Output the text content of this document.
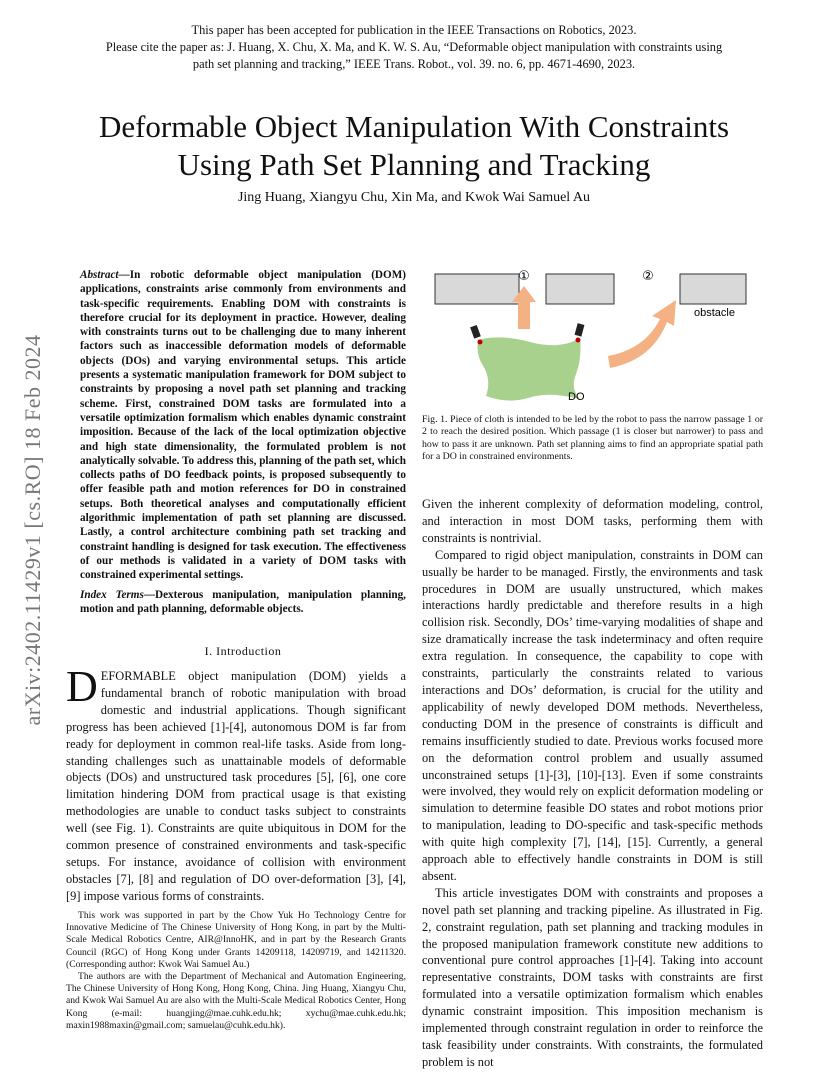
This paper has been accepted for publication in the IEEE Transactions on Robotics, 2023.
Please cite the paper as: J. Huang, X. Chu, X. Ma, and K. W. S. Au, “Deformable object manipulation with constraints using
path set planning and tracking,” IEEE Trans. Robot., vol. 39. no. 6, pp. 4671-4690, 2023.
Deformable Object Manipulation With Constraints
Using Path Set Planning and Tracking
Jing Huang, Xiangyu Chu, Xin Ma, and Kwok Wai Samuel Au
arXiv:2402.11429v1 [cs.RO] 18 Feb 2024
Abstract—In robotic deformable object manipulation (DOM) applications, constraints arise commonly from environments and task-specific requirements. Enabling DOM with constraints is therefore crucial for its deployment in practice. However, dealing with constraints turns out to be challenging due to many inherent factors such as inaccessible deformation models of deformable objects (DOs) and varying environmental setups. This article presents a systematic manipulation framework for DOM subject to constraints by proposing a novel path set planning and tracking scheme. First, constrained DOM tasks are formulated into a versatile optimization formalism which enables dynamic constraint imposition. Because of the lack of the local optimization objective and high state dimensionality, the formulated problem is not analytically solvable. To address this, planning of the path set, which collects paths of DO feedback points, is proposed subsequently to offer feasible path and motion references for DO in constrained setups. Both theoretical analyses and computationally efficient algorithmic implementation of path set planning are discussed. Lastly, a control architecture combining path set tracking and constraint handling is designed for task execution. The effectiveness of our methods is validated in a variety of DOM tasks with constrained experimental settings.
Index Terms—Dexterous manipulation, manipulation planning, motion and path planning, deformable objects.
I. Introduction
DEFORMABLE object manipulation (DOM) yields a fundamental branch of robotic manipulation with broad domestic and industrial applications. Though significant progress has been achieved [1]-[4], autonomous DOM is far from ready for deployment in common real-life tasks. Aside from long-standing challenges such as unattainable models of deformable objects (DOs) and unstructured task procedures [5], [6], one core limitation hindering DOM from practical usage is that existing methodologies are unable to conduct tasks subject to constraints well (see Fig. 1). Constraints are quite ubiquitous in DOM for the common presence of constrained environments and task-specific setups. For instance, avoidance of collision with environment obstacles [7], [8] and regulation of DO over-deformation [3], [4], [9] impose various forms of constraints.

This work was supported in part by the Chow Yuk Ho Technology Centre for Innovative Medicine of The Chinese University of Hong Kong, in part by the Multi-Scale Medical Robotics Centre, AIR@InnoHK, and in part by the Research Grants Council (RGC) of Hong Kong under Grants 14209118, 14209719, and 14211320. (Corresponding author: Kwok Wai Samuel Au.)

The authors are with the Department of Mechanical and Automation Engineering, The Chinese University of Hong Kong, Hong Kong, China. Jing Huang, Xiangyu Chu, and Kwok Wai Samuel Au are also with the Multi-Scale Medical Robotics Center, Hong Kong (e-mail: huangjing@mae.cuhk.edu.hk; xychu@mae.cuhk.edu.hk; maxin1988maxin@gmail.com; samuelau@cuhk.edu.hk).

①	②
obstacle
DO
Fig. 1. Piece of cloth is intended to be led by the robot to pass the narrow passage 1 or 2 to reach the desired position. Which passage (1 is closer but narrower) to pass and how to pass it are unknown. Path set planning aims to find an appropriate spatial path for a DO in constrained environments.

Given the inherent complexity of deformation modeling, control, and interaction in most DOM tasks, performing them with constraints is nontrivial.

Compared to rigid object manipulation, constraints in DOM can usually be harder to be managed. Firstly, the environments and task procedures in DOM are usually unstructured, which makes interactions hardly predictable and therefore results in a high collision risk. Secondly, DOs’ time-varying modalities of shape and size dramatically increase the task indeterminacy and often require extra regulation. In consequence, the capability to cope with constraints, particularly the constraints related to various interactions and DOs’ deformation, is crucial for the utility and applicability of newly developed DOM methods. Nevertheless, conducting DOM in the presence of constraints is difficult and remains insufficiently studied to date. Previous works focused more on the deformation control problem and usually assumed unconstrained setups [1]-[3], [10]-[13]. Even if some constraints were involved, they would rely on explicit deformation modeling or simulation to determine feasible DO states and robot motions prior to manipulation, leading to DO-specific and task-specific methods with quite high complexity [7], [14], [15]. Currently, a general approach able to effectively handle constraints in DOM is still absent.

This article investigates DOM with constraints and proposes a novel path set planning and tracking pipeline. As illustrated in Fig. 2, constraint regulation, path set planning and tracking modules in the proposed manipulation framework constitute new additions to conventional pure control approaches [1]-[4]. Taking into account representative constraints, DOM tasks with constraints are first formulated into a versatile optimization formalism which enables dynamic constraint imposition. This imposition mechanism is implemented through constraint regulation in order to reinforce the task feasibility under constraints. With constraints, the formulated problem is not
